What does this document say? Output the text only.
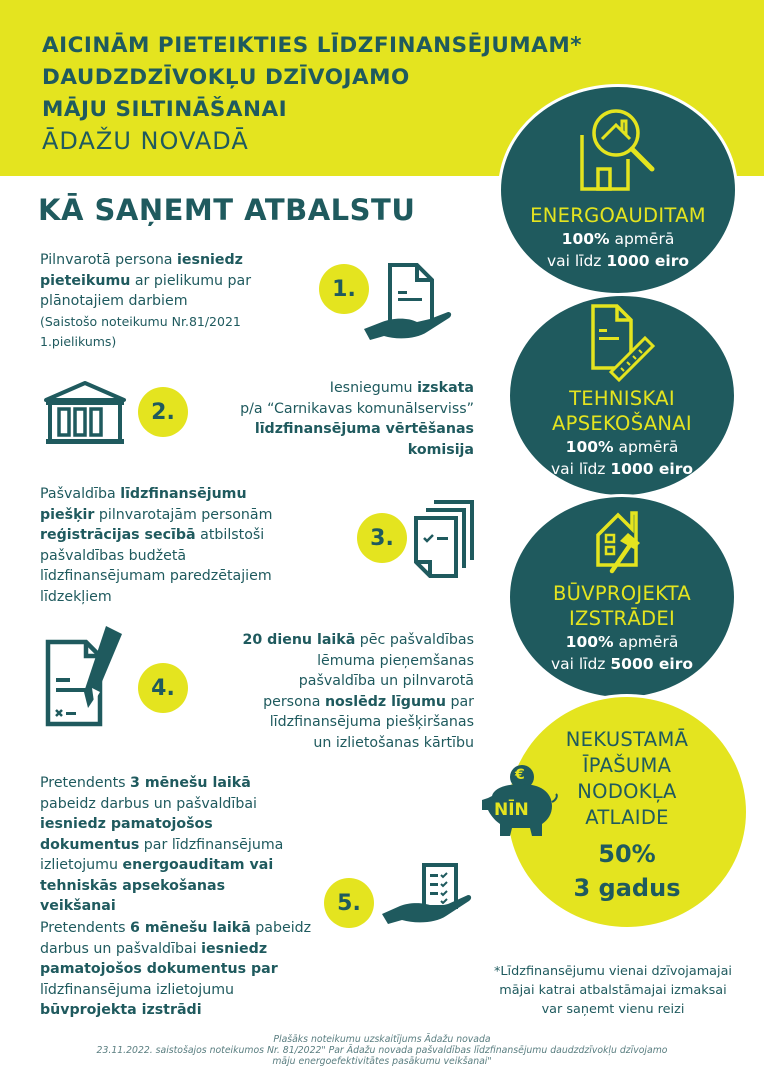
AICINĀM PIETEIKTIES LĪDZFINANSĒJUMAM*
DAUDZDZĪVOKĻU DZĪVOJAMO
MĀJU SILTINĀŠANAI
ĀDAŽU NOVADĀ
KĀ SAŅEMT ATBALSTU
Pilnvarotā persona iesniedz
pieteikumu ar pielikumu par
plānotajiem darbiem
(Saistošo noteikumu Nr.81/2021
1.pielikums)
1.
2.
Iesniegumu izskata
p/a “Carnikavas komunālserviss”
līdzfinansējuma vērtēšanas
komisija
Pašvaldība līdzfinansējumu
piešķir pilnvarotajām personām
reģistrācijas secībā atbilstoši
pašvaldības budžetā
līdzfinansējumam paredzētajiem
līdzekļiem
3.
4.
20 dienu laikā pēc pašvaldības
lēmuma pieņemšanas
pašvaldība un pilnvarotā
persona noslēdz līgumu par
līdzfinansējuma piešķiršanas
un izlietošanas kārtību
Pretendents 3 mēnešu laikā
pabeidz darbus un pašvaldībai
iesniedz pamatojošos
dokumentus par līdzfinansējuma
izlietojumu energoauditam vai
tehniskās apsekošanas
veikšanai
Pretendents 6 mēnešu laikā pabeidz
darbus un pašvaldībai iesniedz
pamatojošos dokumentus par
līdzfinansējuma izlietojumu
būvprojekta izstrādi
5.
ENERGOAUDITAM
100% apmērā
vai līdz 1000 eiro
TEHNISKAI
APSEKOŠANAI
100% apmērā
vai līdz 1000 eiro
BŪVPROJEKTA
IZSTRĀDEI
100% apmērā
vai līdz 5000 eiro
NEKUSTAMĀ
ĪPAŠUMA
NODOKĻA
ATLAIDE
50%
3 gadus
€
NĪN
*Līdzfinansējumu vienai dzīvojamajai
mājai katrai atbalstāmajai izmaksai
var saņemt vienu reizi
Plašāks noteikumu uzskaitījums Ādažu novada
23.11.2022. saistošajos noteikumos Nr. 81/2022" Par Ādažu novada pašvaldības līdzfinansējumu daudzdzīvokļu dzīvojamo
māju energoefektivitātes pasākumu veikšanai"
